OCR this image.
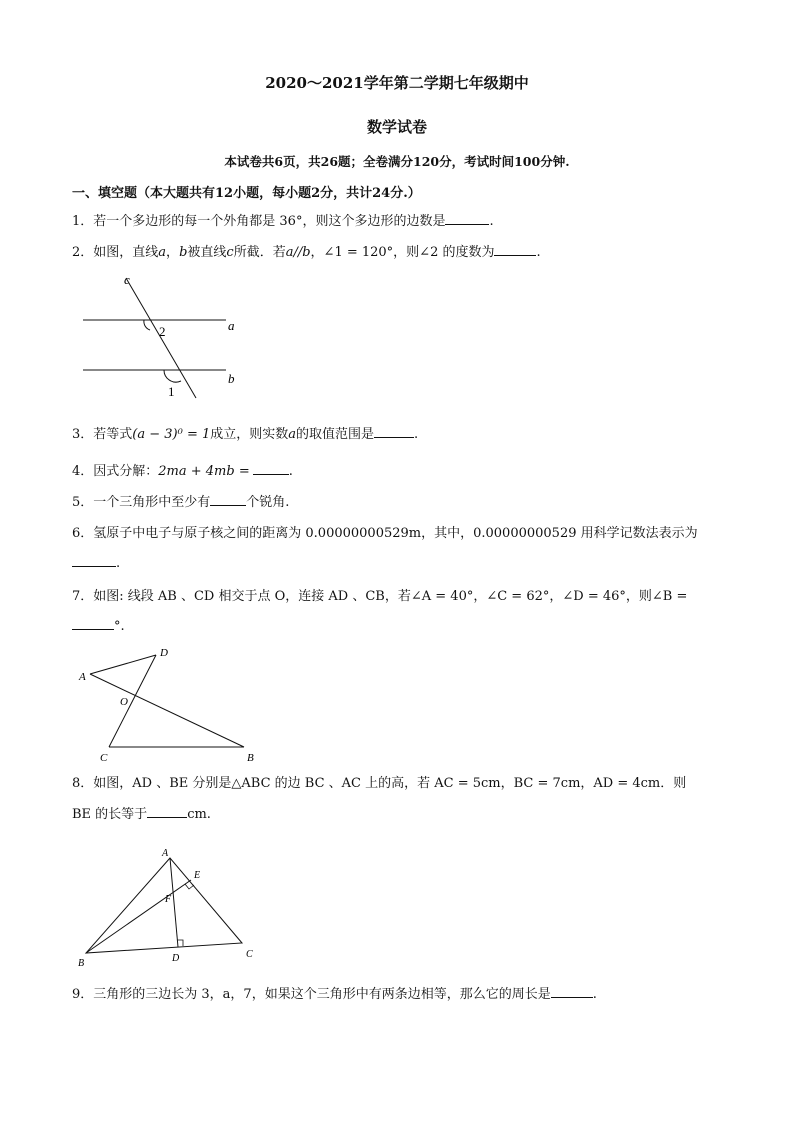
2020～2021学年第二学期七年级期中
数学试卷
本试卷共6页，共26题；全卷满分120分，考试时间100分钟.
一、填空题（本大题共有12小题，每小题2分，共计24分.）
1．若一个多边形的每一个外角都是 36°，则这个多边形的边数是	.
2．如图，直线a，b被直线c所截．若a//b，∠1 = 120°，则∠2 的度数为	.
c
a
b
2
1
3．若等式(a − 3)⁰ = 1成立，则实数a的取值范围是	.
4．因式分解：2ma + 4mb =	.
5．一个三角形中至少有	个锐角.
6．氢原子中电子与原子核之间的距离为 0.00000000529m，其中，0.00000000529 用科学记数法表示为
.
7．如图: 线段 AB 、CD 相交于点 O，连接 AD 、CB，若∠A = 40°，∠C = 62°，∠D = 46°，则∠B =
°.
A
D
O
C	B
8．如图，AD 、BE 分别是△ABC 的边 BC 、AC 上的高，若 AC = 5cm，BC = 7cm，AD = 4cm．则
BE 的长等于	cm.
A
E
F
B	D	C
9．三角形的三边长为 3，a，7，如果这个三角形中有两条边相等，那么它的周长是	.
